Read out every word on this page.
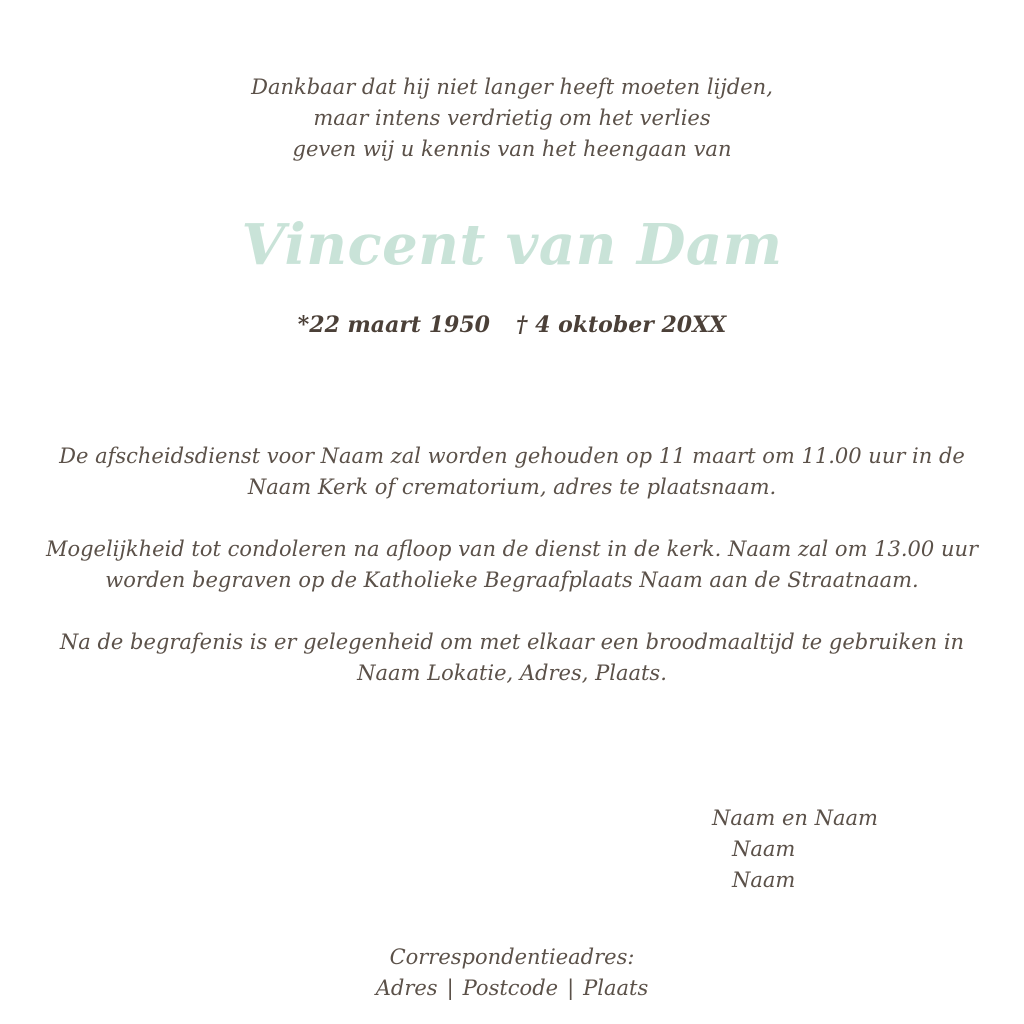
Dankbaar dat hij niet langer heeft moeten lijden,
maar intens verdrietig om het verlies
geven wij u kennis van het heengaan van
Vincent van Dam
*22 maart 1950 † 4 oktober 20XX
De afscheidsdienst voor Naam zal worden gehouden op 11 maart om 11.00 uur in de
Naam Kerk of crematorium, adres te plaatsnaam.
Mogelijkheid tot condoleren na afloop van de dienst in de kerk. Naam zal om 13.00 uur
worden begraven op de Katholieke Begraafplaats Naam aan de Straatnaam.
Na de begrafenis is er gelegenheid om met elkaar een broodmaaltijd te gebruiken in
Naam Lokatie, Adres, Plaats.
Naam en Naam
Naam
Naam
Correspondentieadres:
Adres | Postcode | Plaats
